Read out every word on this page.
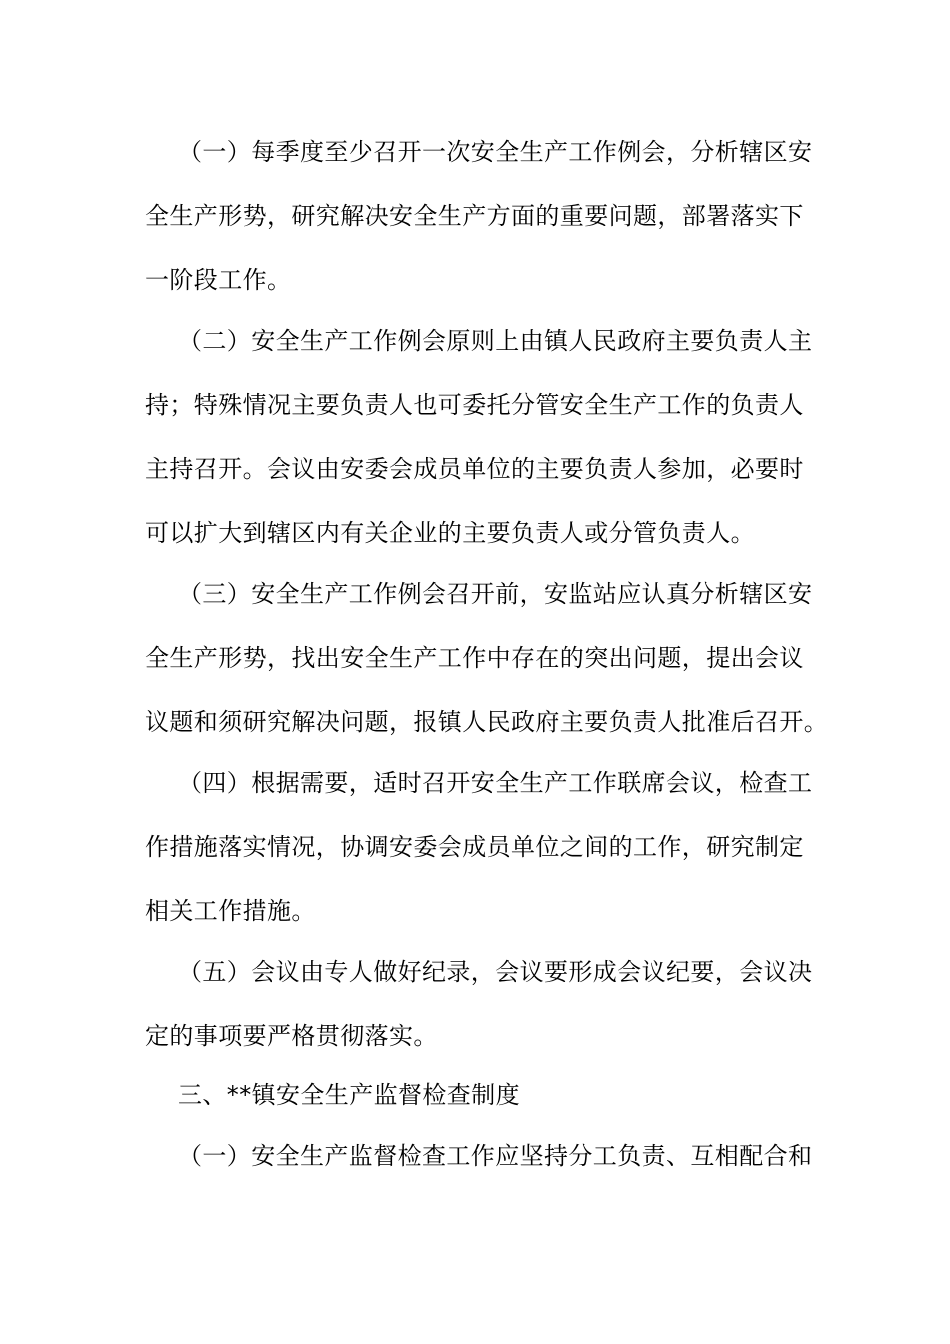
（一）每季度至少召开一次安全生产工作例会，分析辖区安
全生产形势，研究解决安全生产方面的重要问题，部署落实下
一阶段工作。
（二）安全生产工作例会原则上由镇人民政府主要负责人主
持；特殊情况主要负责人也可委托分管安全生产工作的负责人
主持召开。会议由安委会成员单位的主要负责人参加，必要时
可以扩大到辖区内有关企业的主要负责人或分管负责人。
（三）安全生产工作例会召开前，安监站应认真分析辖区安
全生产形势，找出安全生产工作中存在的突出问题，提出会议
议题和须研究解决问题，报镇人民政府主要负责人批准后召开。
（四）根据需要，适时召开安全生产工作联席会议，检查工
作措施落实情况，协调安委会成员单位之间的工作，研究制定
相关工作措施。
（五）会议由专人做好纪录，会议要形成会议纪要，会议决
定的事项要严格贯彻落实。
三、**镇安全生产监督检查制度
（一）安全生产监督检查工作应坚持分工负责、互相配合和
